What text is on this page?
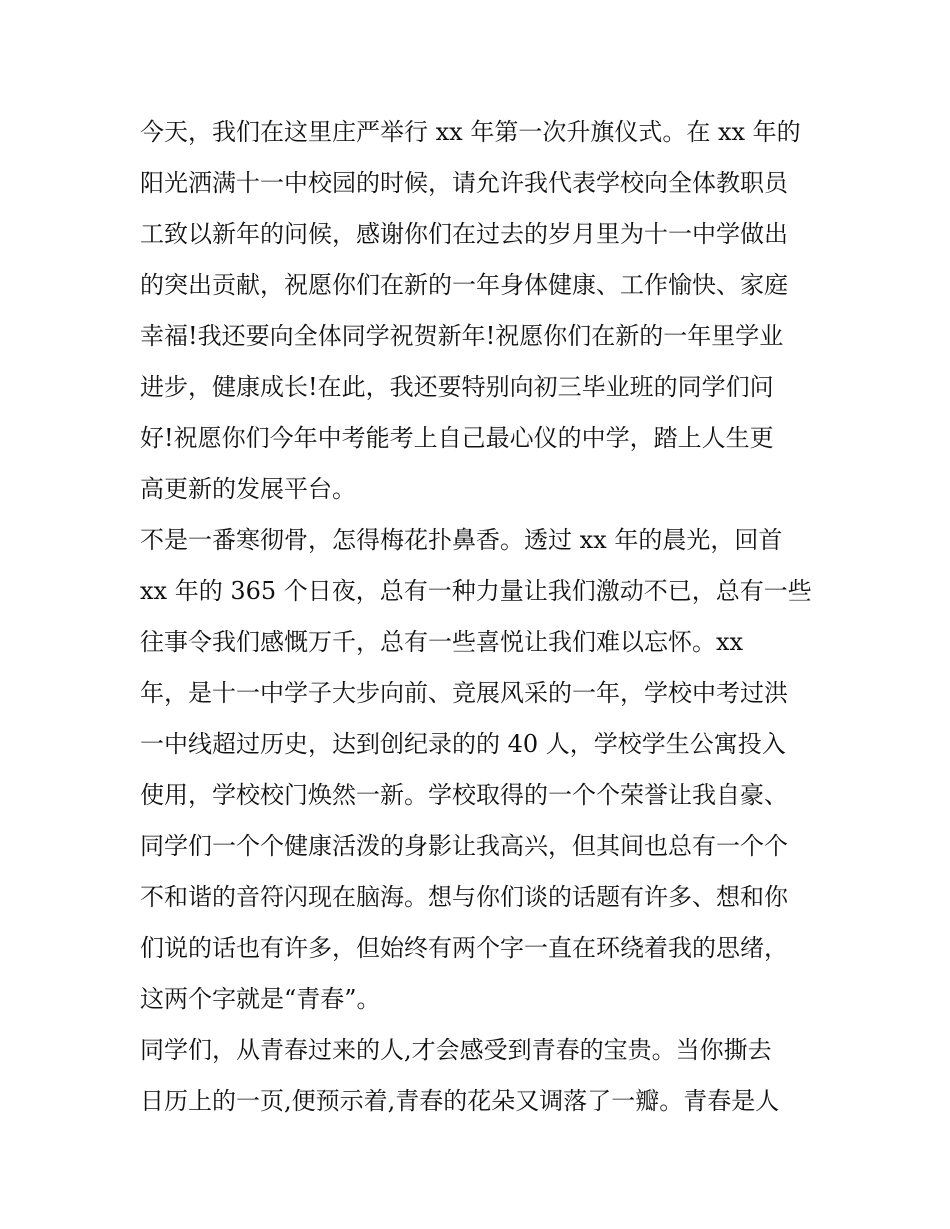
今天，我们在这里庄严举行 xx 年第一次升旗仪式。在 xx 年的
阳光洒满十一中校园的时候，请允许我代表学校向全体教职员
工致以新年的问候，感谢你们在过去的岁月里为十一中学做出
的突出贡献，祝愿你们在新的一年身体健康、工作愉快、家庭
幸福!我还要向全体同学祝贺新年!祝愿你们在新的一年里学业
进步，健康成长!在此，我还要特别向初三毕业班的同学们问
好!祝愿你们今年中考能考上自己最心仪的中学，踏上人生更
高更新的发展平台。
不是一番寒彻骨，怎得梅花扑鼻香。透过 xx 年的晨光，回首
xx 年的 365 个日夜，总有一种力量让我们激动不已，总有一些
往事令我们感慨万千，总有一些喜悦让我们难以忘怀。xx
年，是十一中学子大步向前、竞展风采的一年，学校中考过洪
一中线超过历史，达到创纪录的的 40 人，学校学生公寓投入
使用，学校校门焕然一新。学校取得的一个个荣誉让我自豪、
同学们一个个健康活泼的身影让我高兴，但其间也总有一个个
不和谐的音符闪现在脑海。想与你们谈的话题有许多、想和你
们说的话也有许多，但始终有两个字一直在环绕着我的思绪，
这两个字就是“青春”。
同学们，从青春过来的人,才会感受到青春的宝贵。当你撕去
日历上的一页,便预示着,青春的花朵又调落了一瓣。青春是人
